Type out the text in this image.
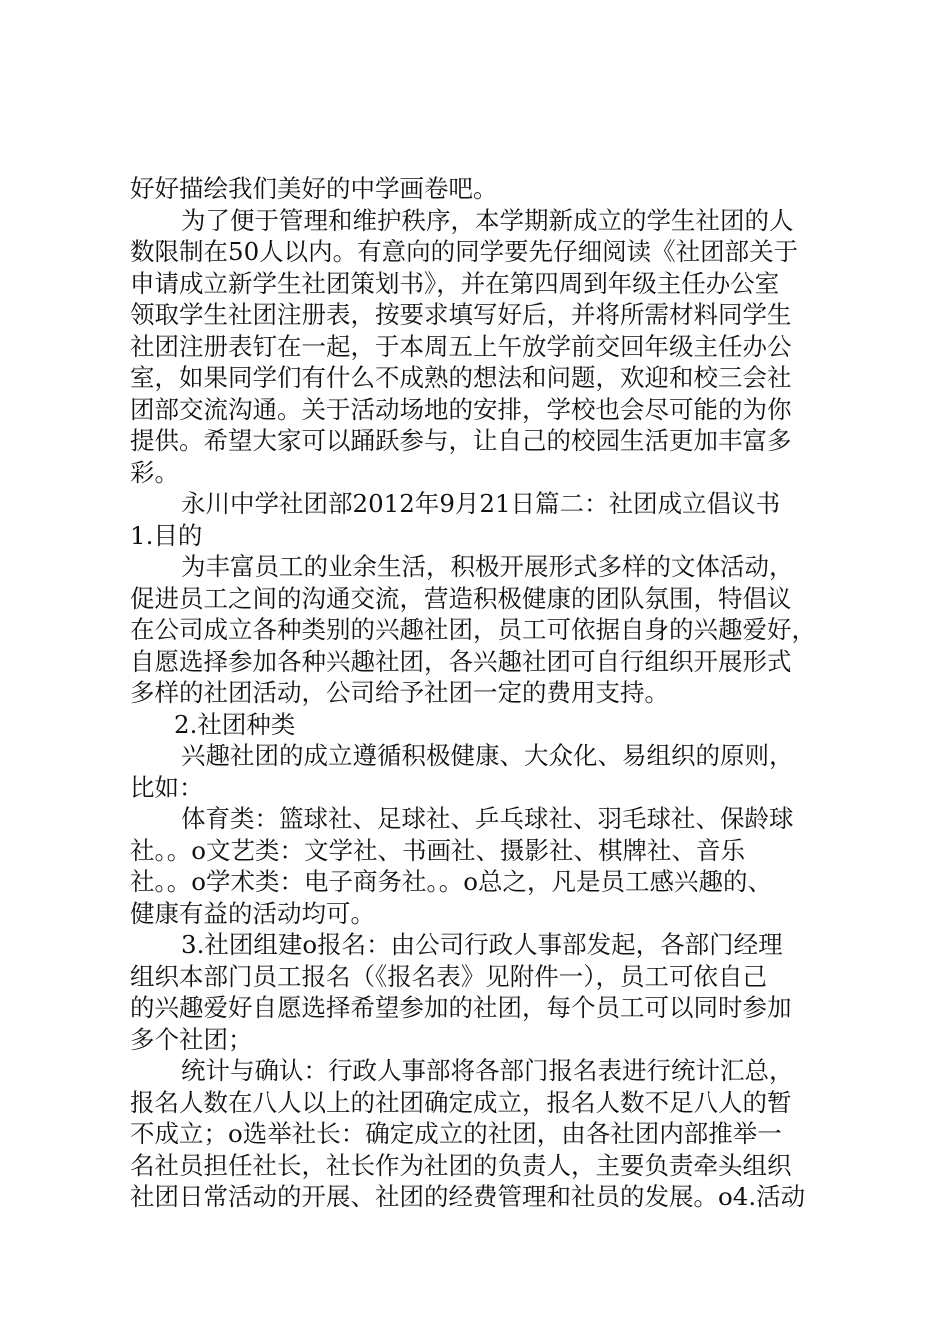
好好描绘我们美好的中学画卷吧。
为了便于管理和维护秩序，本学期新成立的学生社团的人
数限制在50人以内。有意向的同学要先仔细阅读《社团部关于
申请成立新学生社团策划书》，并在第四周到年级主任办公室
领取学生社团注册表，按要求填写好后，并将所需材料同学生
社团注册表钉在一起，于本周五上午放学前交回年级主任办公
室，如果同学们有什么不成熟的想法和问题，欢迎和校三会社
团部交流沟通。关于活动场地的安排，学校也会尽可能的为你
提供。希望大家可以踊跃参与，让自己的校园生活更加丰富多
彩。
永川中学社团部2012年9月21日篇二：社团成立倡议书
1.目的
为丰富员工的业余生活，积极开展形式多样的文体活动，
促进员工之间的沟通交流，营造积极健康的团队氛围，特倡议
在公司成立各种类别的兴趣社团，员工可依据自身的兴趣爱好，
自愿选择参加各种兴趣社团，各兴趣社团可自行组织开展形式
多样的社团活动，公司给予社团一定的费用支持。
2.社团种类
兴趣社团的成立遵循积极健康、大众化、易组织的原则，
比如：
体育类：篮球社、足球社、乒乓球社、羽毛球社、保龄球
社。。o文艺类：文学社、书画社、摄影社、棋牌社、音乐
社。。o学术类：电子商务社。。o总之，凡是员工感兴趣的、
健康有益的活动均可。
3.社团组建o报名：由公司行政人事部发起，各部门经理
组织本部门员工报名（《报名表》见附件一），员工可依自己
的兴趣爱好自愿选择希望参加的社团，每个员工可以同时参加
多个社团；
统计与确认：行政人事部将各部门报名表进行统计汇总，
报名人数在八人以上的社团确定成立，报名人数不足八人的暂
不成立；o选举社长：确定成立的社团，由各社团内部推举一
名社员担任社长，社长作为社团的负责人，主要负责牵头组织
社团日常活动的开展、社团的经费管理和社员的发展。o4.活动
